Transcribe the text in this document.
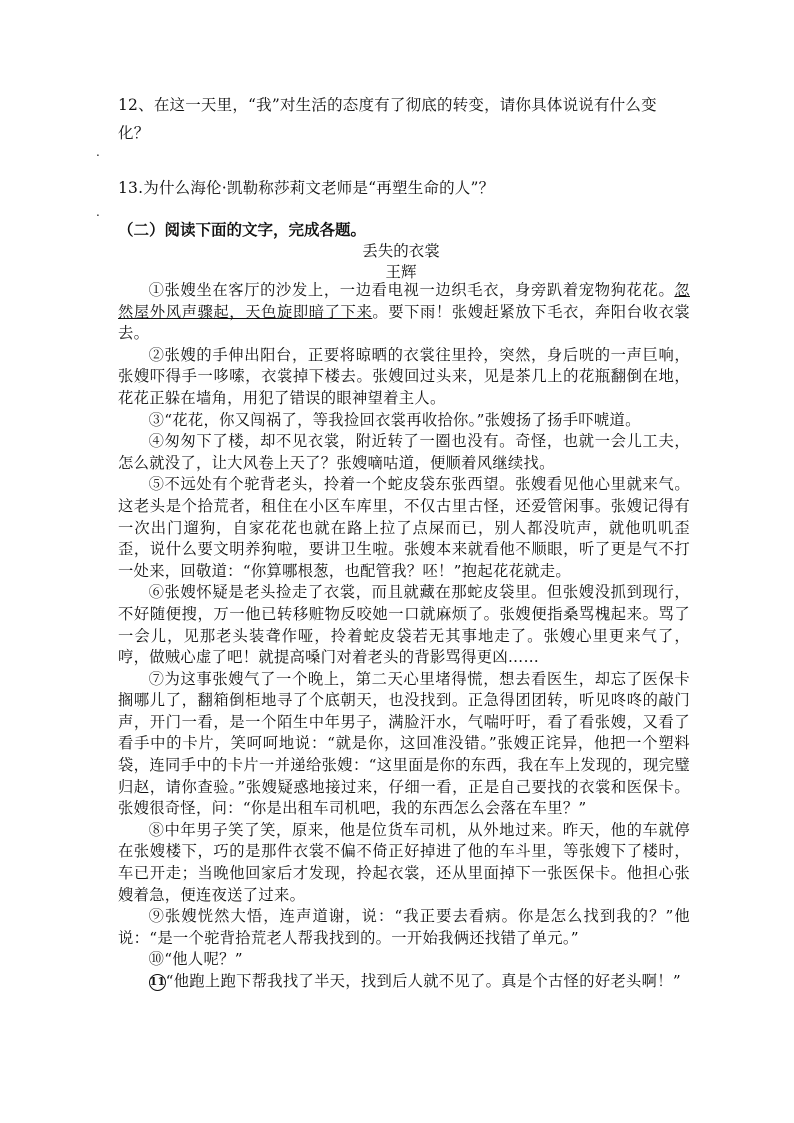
12、在这一天里，“我”对生活的态度有了彻底的转变，请你具体说说有什么变化？
.
13.为什么海伦·凯勒称莎莉文老师是“再塑生命的人”？
.
（二）阅读下面的文字，完成各题。
丢失的衣裳
王辉

①张嫂坐在客厅的沙发上，一边看电视一边织毛衣，身旁趴着宠物狗花花。忽然屋外风声骤起，天色旋即暗了下来。要下雨！张嫂赶紧放下毛衣，奔阳台收衣裳去。

②张嫂的手伸出阳台，正要将晾晒的衣裳往里拎，突然，身后咣的一声巨响，张嫂吓得手一哆嗦，衣裳掉下楼去。张嫂回过头来，见是茶几上的花瓶翻倒在地，花花正躲在墙角，用犯了错误的眼神望着主人。

③“花花，你又闯祸了，等我捡回衣裳再收拾你。”张嫂扬了扬手吓唬道。

④匆匆下了楼，却不见衣裳，附近转了一圈也没有。奇怪，也就一会儿工夫，怎么就没了，让大风卷上天了？张嫂嘀咕道，便顺着风继续找。

⑤不远处有个驼背老头，拎着一个蛇皮袋东张西望。张嫂看见他心里就来气。这老头是个拾荒者，租住在小区车库里，不仅古里古怪，还爱管闲事。张嫂记得有一次出门遛狗，自家花花也就在路上拉了点屎而已，别人都没吭声，就他叽叽歪歪，说什么要文明养狗啦，要讲卫生啦。张嫂本来就看他不顺眼，听了更是气不打一处来，回敬道：“你算哪根葱，也配管我？呸！”抱起花花就走。

⑥张嫂怀疑是老头捡走了衣裳，而且就藏在那蛇皮袋里。但张嫂没抓到现行，不好随便搜，万一他已转移赃物反咬她一口就麻烦了。张嫂便指桑骂槐起来。骂了一会儿，见那老头装聋作哑，拎着蛇皮袋若无其事地走了。张嫂心里更来气了，哼，做贼心虚了吧！就提高嗓门对着老头的背影骂得更凶……

⑦为这事张嫂气了一个晚上，第二天心里堵得慌，想去看医生，却忘了医保卡搁哪儿了，翻箱倒柜地寻了个底朝天，也没找到。正急得团团转，听见咚咚的敲门声，开门一看，是一个陌生中年男子，满脸汗水，气喘吁吁，看了看张嫂，又看了看手中的卡片，笑呵呵地说：“就是你，这回准没错。”张嫂正诧异，他把一个塑料袋，连同手中的卡片一并递给张嫂：“这里面是你的东西，我在车上发现的，现完璧归赵，请你查验。”张嫂疑惑地接过来，仔细一看，正是自己要找的衣裳和医保卡。张嫂很奇怪，问：“你是出租车司机吧，我的东西怎么会落在车里？”

⑧中年男子笑了笑，原来，他是位货车司机，从外地过来。昨天，他的车就停在张嫂楼下，巧的是那件衣裳不偏不倚正好掉进了他的车斗里，等张嫂下了楼时，车已开走；当晚他回家后才发现，拎起衣裳，还从里面掉下一张医保卡。他担心张嫂着急，便连夜送了过来。

⑨张嫂恍然大悟，连声道谢，说：“我正要去看病。你是怎么找到我的？”他说：“是一个驼背拾荒老人帮我找到的。一开始我俩还找错了单元。”

⑩“他人呢？”

11“他跑上跑下帮我找了半天，找到后人就不见了。真是个古怪的好老头啊！”
